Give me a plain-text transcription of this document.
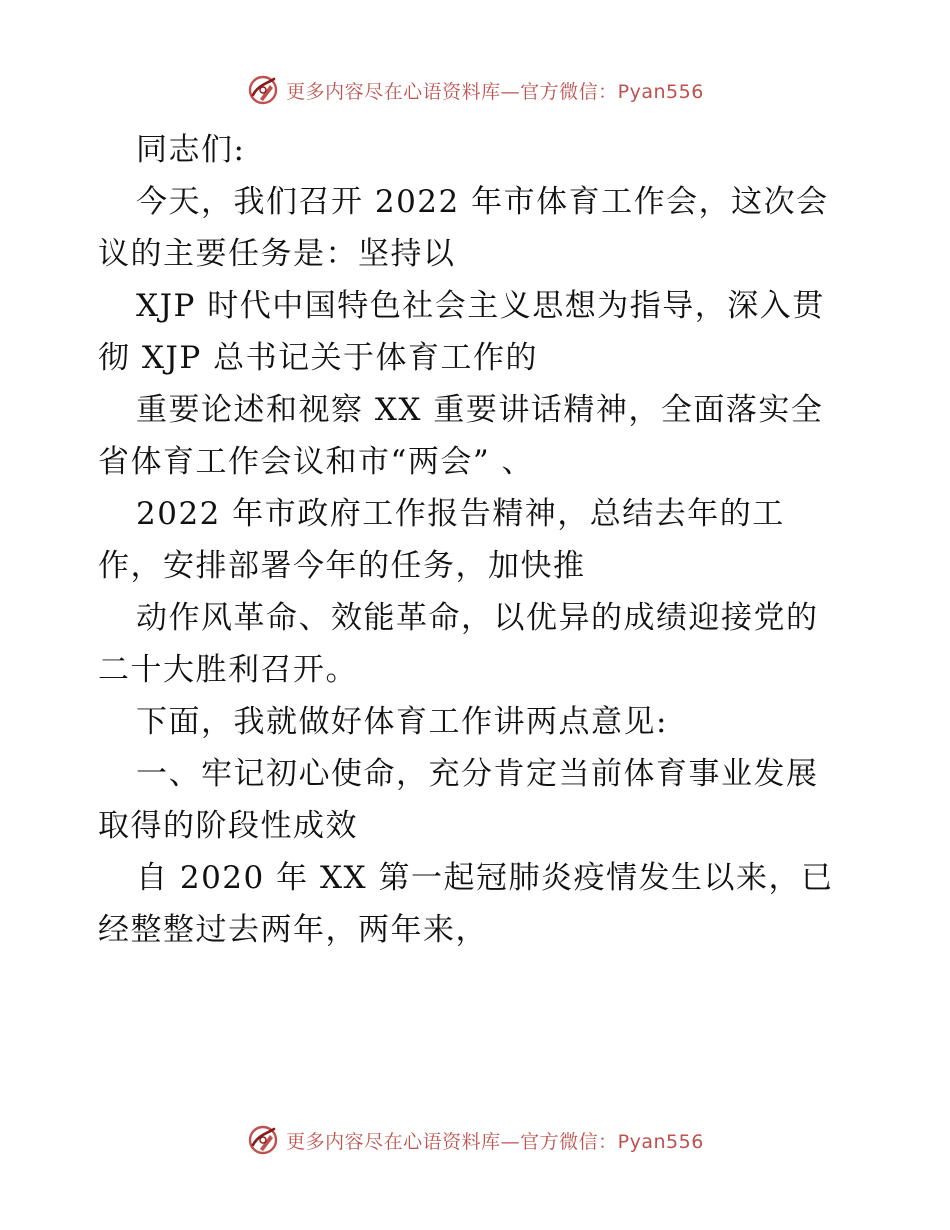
更多内容尽在心语资料库—官方微信：Pyan556
同志们:
今天，我们召开 2022 年市体育工作会，这次会
议的主要任务是：坚持以
XJP 时代中国特色社会主义思想为指导，深入贯
彻 XJP 总书记关于体育工作的
重要论述和视察 XX 重要讲话精神，全面落实全
省体育工作会议和市“两会” 、
2022 年市政府工作报告精神，总结去年的工
作，安排部署今年的任务，加快推
动作风革命、效能革命，以优异的成绩迎接党的
二十大胜利召开。
下面，我就做好体育工作讲两点意见:
一、牢记初心使命，充分肯定当前体育事业发展
取得的阶段性成效
自 2020 年 XX 第一起冠肺炎疫情发生以来，已
经整整过去两年，两年来，
更多内容尽在心语资料库—官方微信：Pyan556
